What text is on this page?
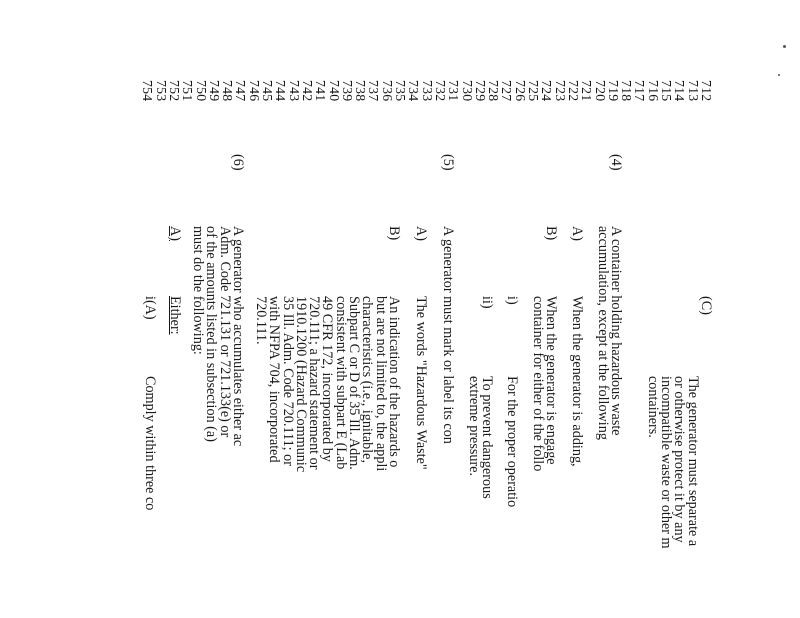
712
713
714
715
716
717
718
719
720
721
722
723
724
725
726
727
728
729
730
731
732
733
734
735
736
737
738
739
740
741
742
743
744
745
746
747
748
749
750
751
752
753
754
(C)
The generator must separate a
or otherwise protect it by any
incompatible waste or other m
containers.
(4)
A container holding hazardous waste
accumulation, except at the following
A)
When the generator is adding,
B)
When the generator is engage
container for either of the follo
i)
For the proper operatio
ii)
To prevent dangerous
extreme pressure.
(5)
A generator must mark or label its con
A)
The words "Hazardous Waste"
B)
An indication of the hazards o
but are not limited to, the appli
characteristics (i.e., ignitable,
Subpart C or D of 35 Ill. Adm.
consistent with subpart E (Lab
49 CFR 172, incorporated by
720.111; a hazard statement or
1910.1200 (Hazard Communic
35 Ill. Adm. Code 720.111; or
with NFPA 704, incorporated
720.111.
(6)
A generator who accumulates either ac
Adm. Code 721.131 or 721.133(e) or
of the amounts listed in subsection (a)
must do the following:
A)
Either:
i(A)
Comply within three co
